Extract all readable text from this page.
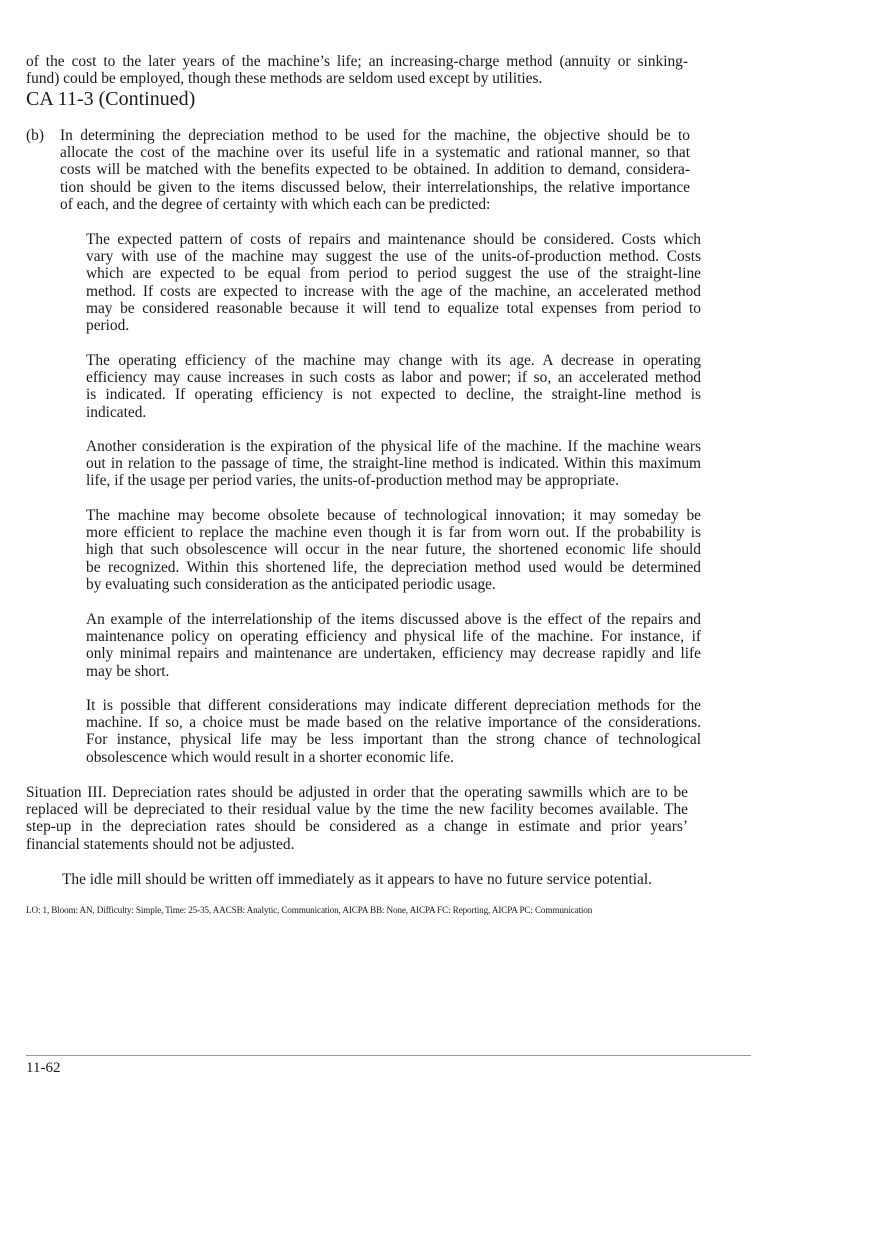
of the cost to the later years of the machine’s life; an increasing-charge method (annuity or sinking-
fund) could be employed, though these methods are seldom used except by utilities.
CA 11-3 (Continued)
(b)	In determining the depreciation method to be used for the machine, the objective should be to
allocate the cost of the machine over its useful life in a systematic and rational manner, so that
costs will be matched with the benefits expected to be obtained. In addition to demand, considera-
tion should be given to the items discussed below, their interrelationships, the relative importance
of each, and the degree of certainty with which each can be predicted:
The expected pattern of costs of repairs and maintenance should be considered. Costs which
vary with use of the machine may suggest the use of the units-of-production method. Costs
which are expected to be equal from period to period suggest the use of the straight-line
method. If costs are expected to increase with the age of the machine, an accelerated method
may be considered reasonable because it will tend to equalize total expenses from period to
period.
The operating efficiency of the machine may change with its age. A decrease in operating
efficiency may cause increases in such costs as labor and power; if so, an accelerated method
is indicated. If operating efficiency is not expected to decline, the straight-line method is
indicated.
Another consideration is the expiration of the physical life of the machine. If the machine wears
out in relation to the passage of time, the straight-line method is indicated. Within this maximum
life, if the usage per period varies, the units-of-production method may be appropriate.
The machine may become obsolete because of technological innovation; it may someday be
more efficient to replace the machine even though it is far from worn out. If the probability is
high that such obsolescence will occur in the near future, the shortened economic life should
be recognized. Within this shortened life, the depreciation method used would be determined
by evaluating such consideration as the anticipated periodic usage.
An example of the interrelationship of the items discussed above is the effect of the repairs and
maintenance policy on operating efficiency and physical life of the machine. For instance, if
only minimal repairs and maintenance are undertaken, efficiency may decrease rapidly and life
may be short.
It is possible that different considerations may indicate different depreciation methods for the
machine. If so, a choice must be made based on the relative importance of the considerations.
For instance, physical life may be less important than the strong chance of technological
obsolescence which would result in a shorter economic life.
Situation III. Depreciation rates should be adjusted in order that the operating sawmills which are to be
replaced will be depreciated to their residual value by the time the new facility becomes available. The
step-up in the depreciation rates should be considered as a change in estimate and prior years’
financial statements should not be adjusted.
The idle mill should be written off immediately as it appears to have no future service potential.
LO: 1, Bloom: AN, Difficulty: Simple, Time: 25-35, AACSB: Analytic, Communication, AICPA BB: None, AICPA FC: Reporting, AICPA PC: Communication
11-62
